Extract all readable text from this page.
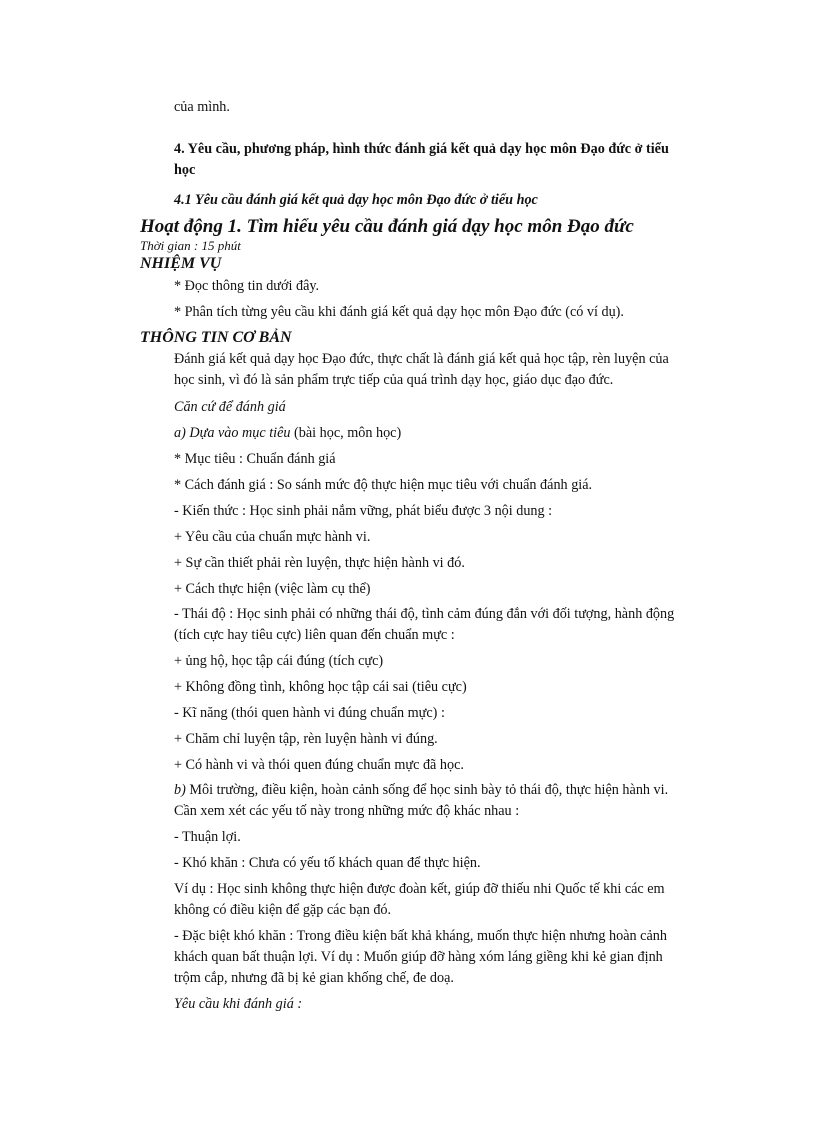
của mình.

4. Yêu cầu, phương pháp, hình thức đánh giá kết quả dạy học môn Đạo đức ở tiểu

học

4.1 Yêu cầu đánh giá kết quả dạy học môn Đạo đức ở tiểu học

Hoạt động 1. Tìm hiểu yêu cầu đánh giá dạy học môn Đạo đức

Thời gian : 15 phút

NHIỆM VỤ

* Đọc thông tin dưới đây.

* Phân tích từng yêu cầu khi đánh giá kết quả dạy học môn Đạo đức (có ví dụ).

THÔNG TIN CƠ BẢN

Đánh giá kết quả dạy học Đạo đức, thực chất là đánh giá kết quả học tập, rèn luyện của

học sinh, vì đó là sản phẩm trực tiếp của quá trình dạy học, giáo dục đạo đức.

Căn cứ để đánh giá

a) Dựa vào mục tiêu (bài học, môn học)

* Mục tiêu : Chuẩn đánh giá

* Cách đánh giá : So sánh mức độ thực hiện mục tiêu với chuẩn đánh giá.

- Kiến thức : Học sinh phải nắm vững, phát biểu được 3 nội dung :

+ Yêu cầu của chuẩn mực hành vi.

+ Sự cần thiết phải rèn luyện, thực hiện hành vi đó.

+ Cách thực hiện (việc làm cụ thể)

- Thái độ : Học sinh phải có những thái độ, tình cảm đúng đắn với đối tượng, hành động

(tích cực hay tiêu cực) liên quan đến chuẩn mực :

+ ủng hộ, học tập cái đúng (tích cực)

+ Không đồng tình, không học tập cái sai (tiêu cực)

- Kĩ năng (thói quen hành vi đúng chuẩn mực) :

+ Chăm chỉ luyện tập, rèn luyện hành vi đúng.

+ Có hành vi và thói quen đúng chuẩn mực đã học.

b) Môi trường, điều kiện, hoàn cảnh sống để học sinh bày tỏ thái độ, thực hiện hành vi.

Cần xem xét các yếu tố này trong những mức độ khác nhau :

- Thuận lợi.

- Khó khăn : Chưa có yếu tố khách quan để thực hiện.

Ví dụ : Học sinh không thực hiện được đoàn kết, giúp đỡ thiếu nhi Quốc tế khi các em

không có điều kiện để gặp các bạn đó.

- Đặc biệt khó khăn : Trong điều kiện bất khả kháng, muốn thực hiện nhưng hoàn cảnh

khách quan bất thuận lợi. Ví dụ : Muốn giúp đỡ hàng xóm láng giềng khi kẻ gian định

trộm cắp, nhưng đã bị kẻ gian khống chế, đe doạ.

Yêu cầu khi đánh giá :
